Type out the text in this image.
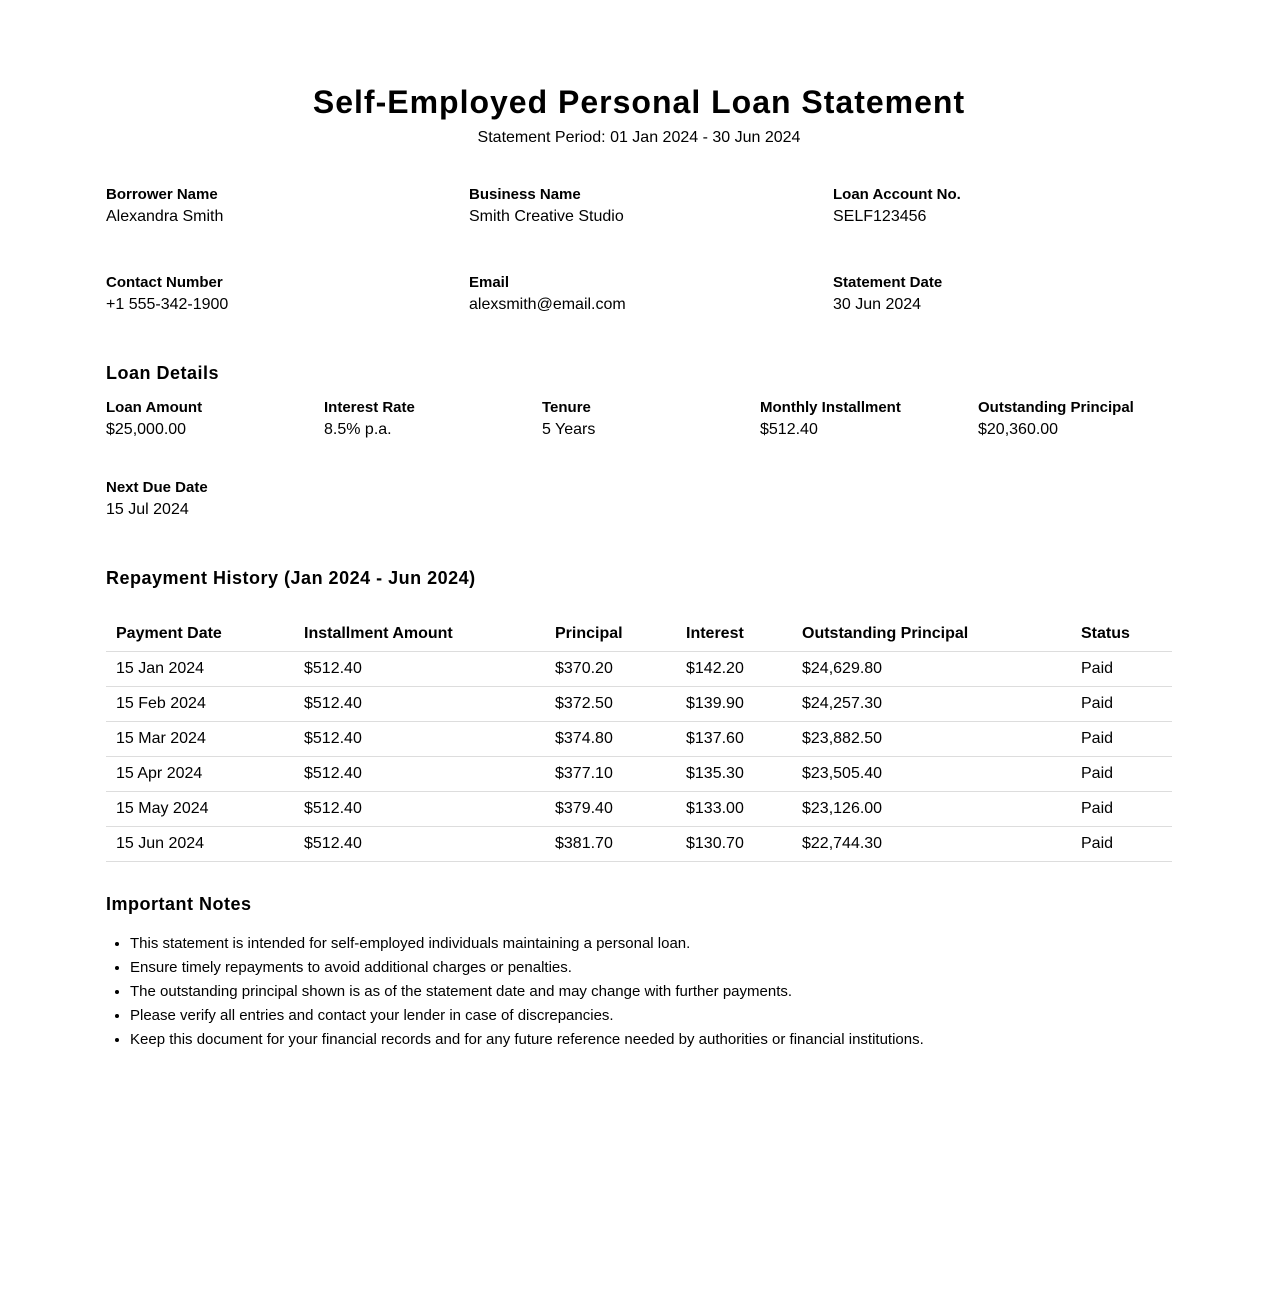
Self-Employed Personal Loan Statement
Statement Period: 01 Jan 2024 - 30 Jun 2024
Borrower Name
Alexandra Smith
Business Name
Smith Creative Studio
Loan Account No.
SELF123456
Contact Number
+1 555-342-1900
Email
alexsmith@email.com
Statement Date
30 Jun 2024
Loan Details
Loan Amount
$25,000.00
Interest Rate
8.5% p.a.
Tenure
5 Years
Monthly Installment
$512.40
Outstanding Principal
$20,360.00
Next Due Date
15 Jul 2024
Repayment History (Jan 2024 - Jun 2024)
Payment Date	Installment Amount	Principal	Interest	Outstanding Principal	Status
15 Jan 2024	$512.40	$370.20	$142.20	$24,629.80	Paid
15 Feb 2024	$512.40	$372.50	$139.90	$24,257.30	Paid
15 Mar 2024	$512.40	$374.80	$137.60	$23,882.50	Paid
15 Apr 2024	$512.40	$377.10	$135.30	$23,505.40	Paid
15 May 2024	$512.40	$379.40	$133.00	$23,126.00	Paid
15 Jun 2024	$512.40	$381.70	$130.70	$22,744.30	Paid
Important Notes
• This statement is intended for self-employed individuals maintaining a personal loan.
• Ensure timely repayments to avoid additional charges or penalties.
• The outstanding principal shown is as of the statement date and may change with further payments.
• Please verify all entries and contact your lender in case of discrepancies.
• Keep this document for your financial records and for any future reference needed by authorities or financial institutions.
